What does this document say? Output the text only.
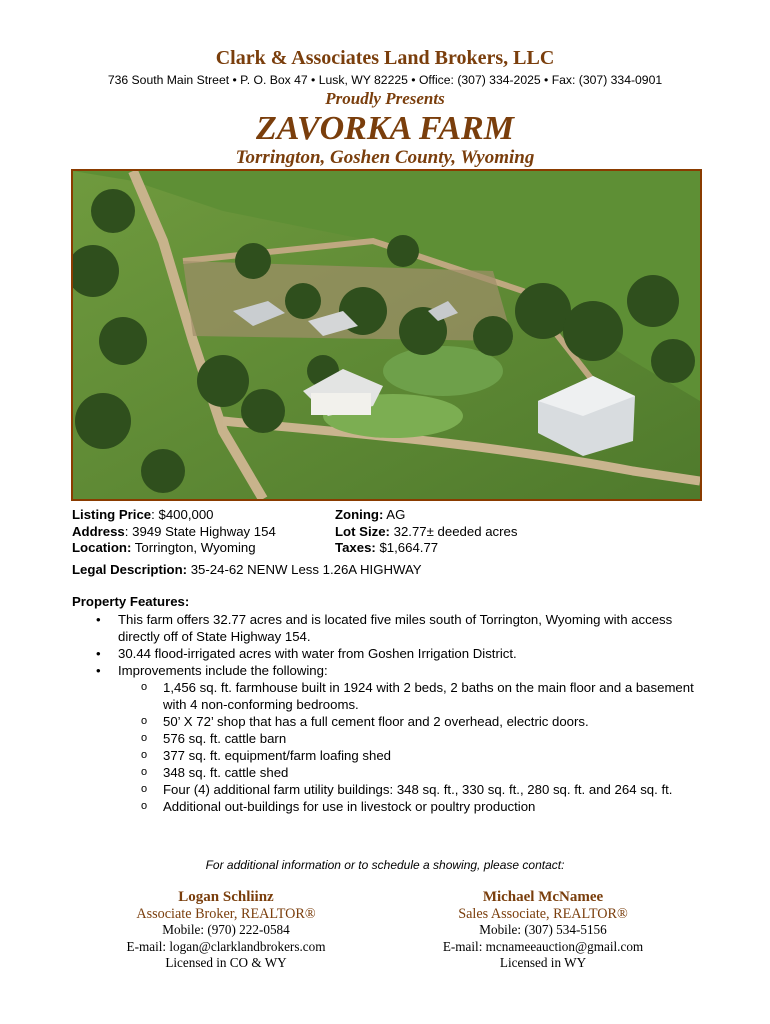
Clark & Associates Land Brokers, LLC
736 South Main Street • P. O. Box 47 • Lusk, WY 82225 • Office: (307) 334-2025 • Fax: (307) 334-0901
Proudly Presents
ZAVORKA FARM
Torrington, Goshen County, Wyoming
Listing Price: $400,000
Address: 3949 State Highway 154
Location: Torrington, Wyoming
Zoning: AG
Lot Size: 32.77± deeded acres
Taxes: $1,664.77
Legal Description: 35-24-62 NENW Less 1.26A HIGHWAY
Property Features:
• This farm offers 32.77 acres and is located five miles south of Torrington, Wyoming with access directly off of State Highway 154.
• 30.44 flood-irrigated acres with water from Goshen Irrigation District.
• Improvements include the following:
o 1,456 sq. ft. farmhouse built in 1924 with 2 beds, 2 baths on the main floor and a basement with 4 non-conforming bedrooms.
o 50’ X 72’ shop that has a full cement floor and 2 overhead, electric doors.
o 576 sq. ft. cattle barn
o 377 sq. ft. equipment/farm loafing shed
o 348 sq. ft. cattle shed
o Four (4) additional farm utility buildings: 348 sq. ft., 330 sq. ft., 280 sq. ft. and 264 sq. ft.
o Additional out-buildings for use in livestock or poultry production
For additional information or to schedule a showing, please contact:
Logan Schliinz
Associate Broker, REALTOR®
Mobile: (970) 222-0584
E-mail: logan@clarklandbrokers.com
Licensed in CO & WY
Michael McNamee
Sales Associate, REALTOR®
Mobile: (307) 534-5156
E-mail: mcnameeauction@gmail.com
Licensed in WY
